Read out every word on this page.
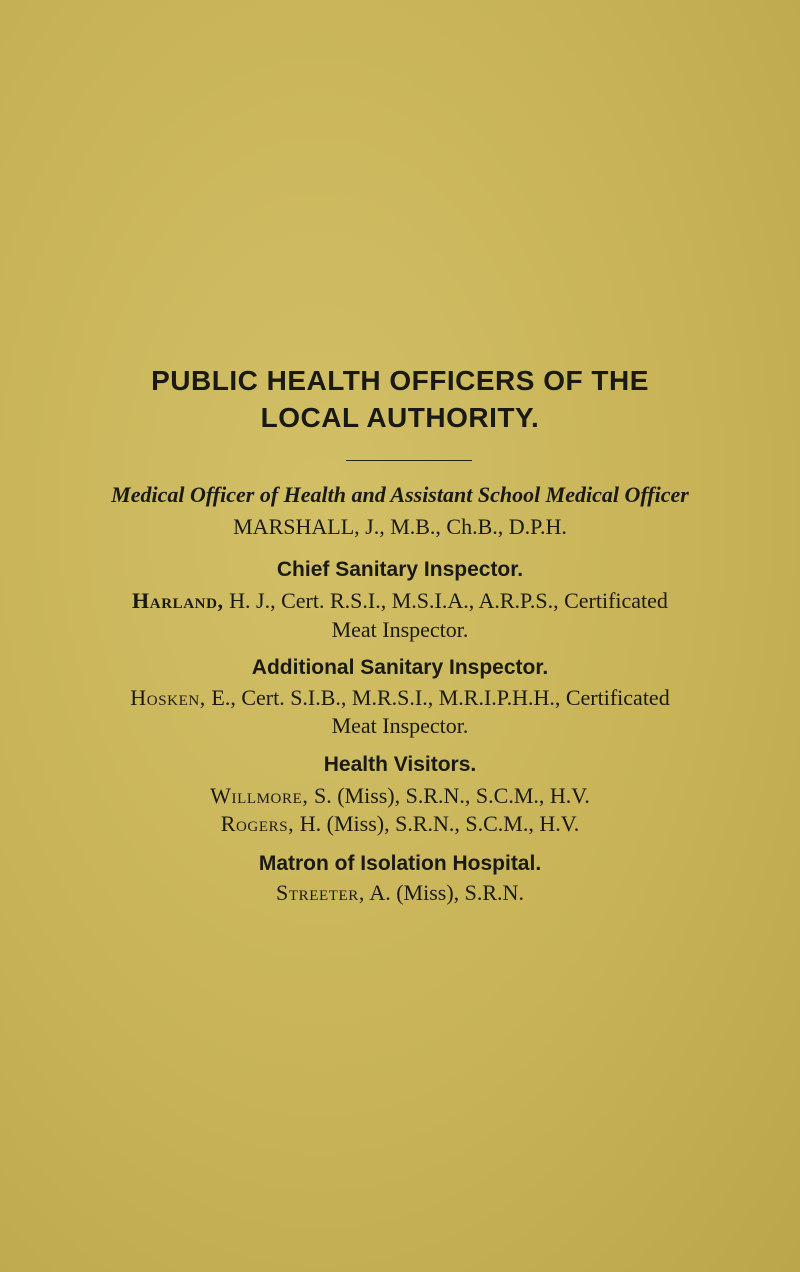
PUBLIC HEALTH OFFICERS OF THE
LOCAL AUTHORITY.
Medical Officer of Health and Assistant School Medical Officer
MARSHALL, J., M.B., Ch.B., D.P.H.
Chief Sanitary Inspector.
Harland, H. J., Cert. R.S.I., M.S.I.A., A.R.P.S., Certificated
Meat Inspector.
Additional Sanitary Inspector.
Hosken, E., Cert. S.I.B., M.R.S.I., M.R.I.P.H.H., Certificated
Meat Inspector.
Health Visitors.
Willmore, S. (Miss), S.R.N., S.C.M., H.V.
Rogers, H. (Miss), S.R.N., S.C.M., H.V.
Matron of Isolation Hospital.
Streeter, A. (Miss), S.R.N.
